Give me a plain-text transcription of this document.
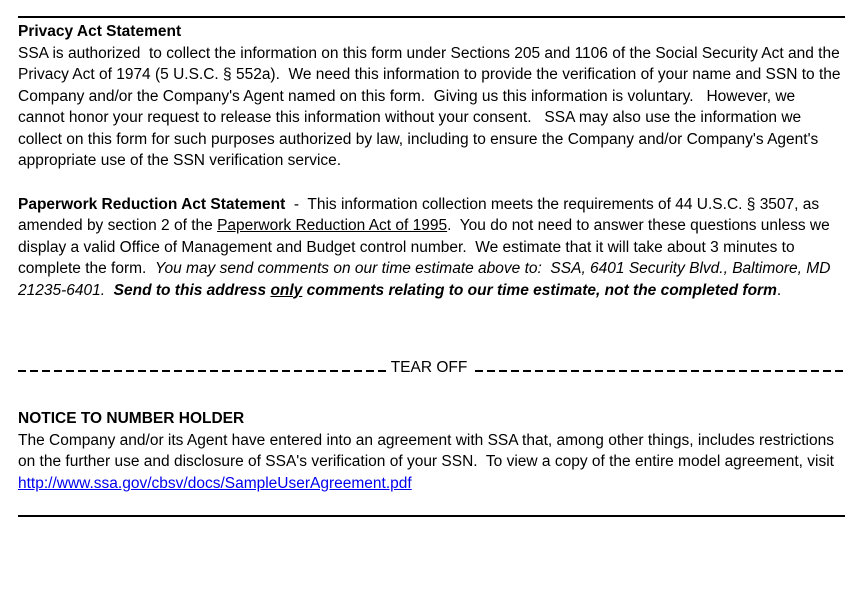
Privacy Act Statement

SSA is authorized  to collect the information on this form under Sections 205 and 1106 of the Social Security Act and the Privacy Act of 1974 (5 U.S.C. § 552a).  We need this information to provide the verification of your name and SSN to the Company and/or the Company's Agent named on this form.  Giving us this information is voluntary.   However, we cannot honor your request to release this information without your consent.   SSA may also use the information we collect on this form for such purposes authorized by law, including to ensure the Company and/or Company's Agent's appropriate use of the SSN verification service.

Paperwork Reduction Act Statement  -  This information collection meets the requirements of 44 U.S.C. § 3507, as amended by section 2 of the Paperwork Reduction Act of 1995.  You do not need to answer these questions unless we display a valid Office of Management and Budget control number.  We estimate that it will take about 3 minutes to complete the form.  You may send comments on our time estimate above to:  SSA, 6401 Security Blvd., Baltimore, MD  21235-6401.  Send to this address only comments relating to our time estimate, not the completed form.

TEAR OFF
NOTICE TO NUMBER HOLDER

The Company and/or its Agent have entered into an agreement with SSA that, among other things, includes restrictions on the further use and disclosure of SSA's verification of your SSN.  To view a copy of the entire model agreement, visit http://www.ssa.gov/cbsv/docs/SampleUserAgreement.pdf
